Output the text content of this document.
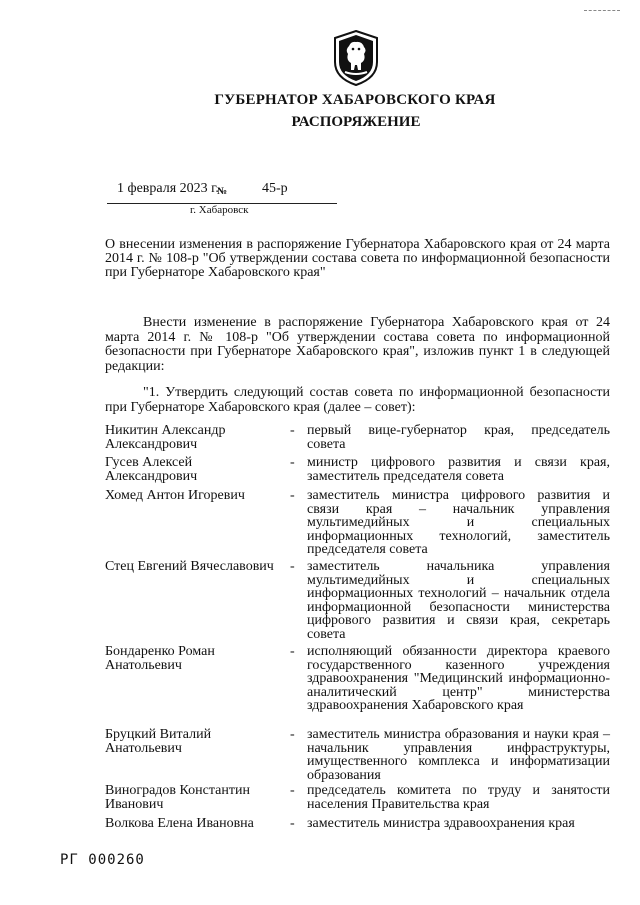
ГУБЕРНАТОР ХАБАРОВСКОГО КРАЯ
РАСПОРЯЖЕНИЕ
1 февраля 2023 г.
№ 45-р
г. Хабаровск
О внесении изменения в распоряжение Губернатора Хабаровского края от 24 марта 2014 г. № 108-р "Об утверждении состава совета по информационной безопасности при Губернаторе Хабаровского края"
Внести изменение в распоряжение Губернатора Хабаровского края от 24 марта 2014 г. № 108-р "Об утверждении состава совета по информационной безопасности при Губернаторе Хабаровского края", изложив пункт 1 в следующей редакции:
"1. Утвердить следующий состав совета по информационной безопасности при Губернаторе Хабаровского края (далее – совет):
Никитин Александр Александрович
- первый вице-губернатор края, председатель совета
Гусев Алексей Александрович
- министр цифрового развития и связи края, заместитель председателя совета
Хомед Антон Игоревич	- заместитель министра цифрового развития и связи края – начальник управления мультимедийных и специальных информационных технологий, заместитель председателя совета
Стец Евгений Вячеславович	- заместитель начальника управления мультимедийных и специальных информационных технологий – начальник отдела информационной безопасности министерства цифрового развития и связи края, секретарь совета
Бондаренко Роман Анатольевич
- исполняющий обязанности директора краевого государственного казенного учреждения здравоохранения "Медицинский информационно-аналитический центр" министерства здравоохранения Хабаровского края
Бруцкий Виталий Анатольевич
- заместитель министра образования и науки края – начальник управления инфраструктуры, имущественного комплекса и информатизации образования
Виноградов Константин Иванович
- председатель комитета по труду и занятости населения Правительства края
Волкова Елена Ивановна	- заместитель министра здравоохранения края
РГ 000260
